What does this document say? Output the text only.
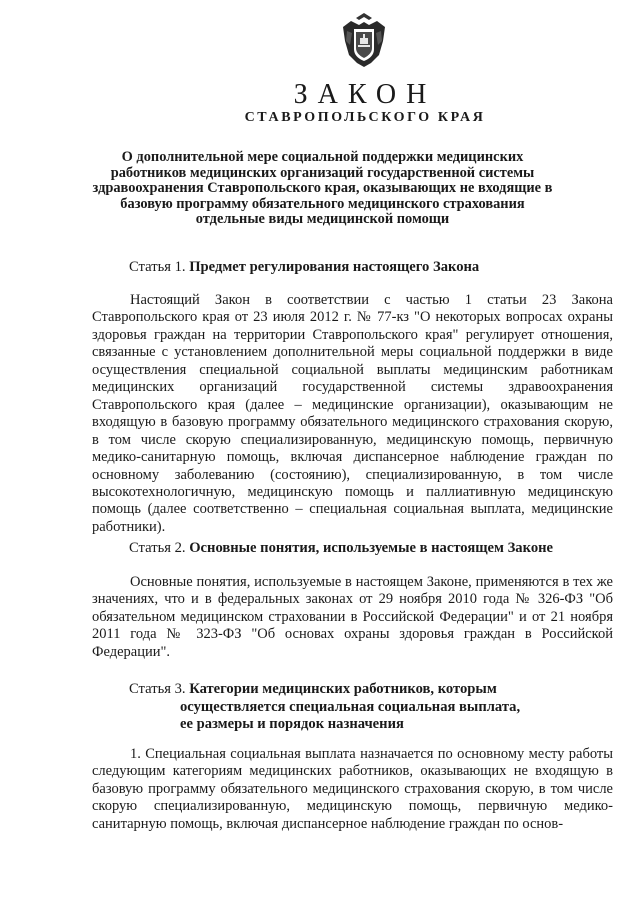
ЗАКОН
СТАВРОПОЛЬСКОГО КРАЯ

О дополнительной мере социальной поддержки медицинских работников медицинских организаций государственной системы здравоохранения Ставропольского края, оказывающих не входящие в базовую программу обязательного медицинского страхования отдельные виды медицинской помощи

Статья 1. Предмет регулирования настоящего Закона

Настоящий Закон в соответствии с частью 1 статьи 23 Закона Ставропольского края от 23 июля 2012 г. № 77-кз "О некоторых вопросах охраны здоровья граждан на территории Ставропольского края" регулирует отношения, связанные с установлением дополнительной меры социальной поддержки в виде осуществления специальной социальной выплаты медицинским работникам медицинских организаций государственной системы здравоохранения Ставропольского края (далее – медицинские организации), оказывающим не входящую в базовую программу обязательного медицинского страхования скорую, в том числе скорую специализированную, медицинскую помощь, первичную медико-санитарную помощь, включая диспансерное наблюдение граждан по основному заболеванию (состоянию), специализированную, в том числе высокотехнологичную, медицинскую помощь и паллиативную медицинскую помощь (далее соответственно – специальная социальная выплата, медицинские работники).

Статья 2. Основные понятия, используемые в настоящем Законе

Основные понятия, используемые в настоящем Законе, применяются в тех же значениях, что и в федеральных законах от 29 ноября 2010 года № 326-ФЗ "Об обязательном медицинском страховании в Российской Федерации" и от 21 ноября 2011 года № 323-ФЗ "Об основах охраны здоровья граждан в Российской Федерации".

Статья 3. Категории медицинских работников, которым
осуществляется специальная социальная выплата,
ее размеры и порядок назначения

1. Специальная социальная выплата назначается по основному месту работы следующим категориям медицинских работников, оказывающих не входящую в базовую программу обязательного медицинского страхования скорую, в том числе скорую специализированную, медицинскую помощь, первичную медико-санитарную помощь, включая диспансерное наблюдение граждан по основ-
